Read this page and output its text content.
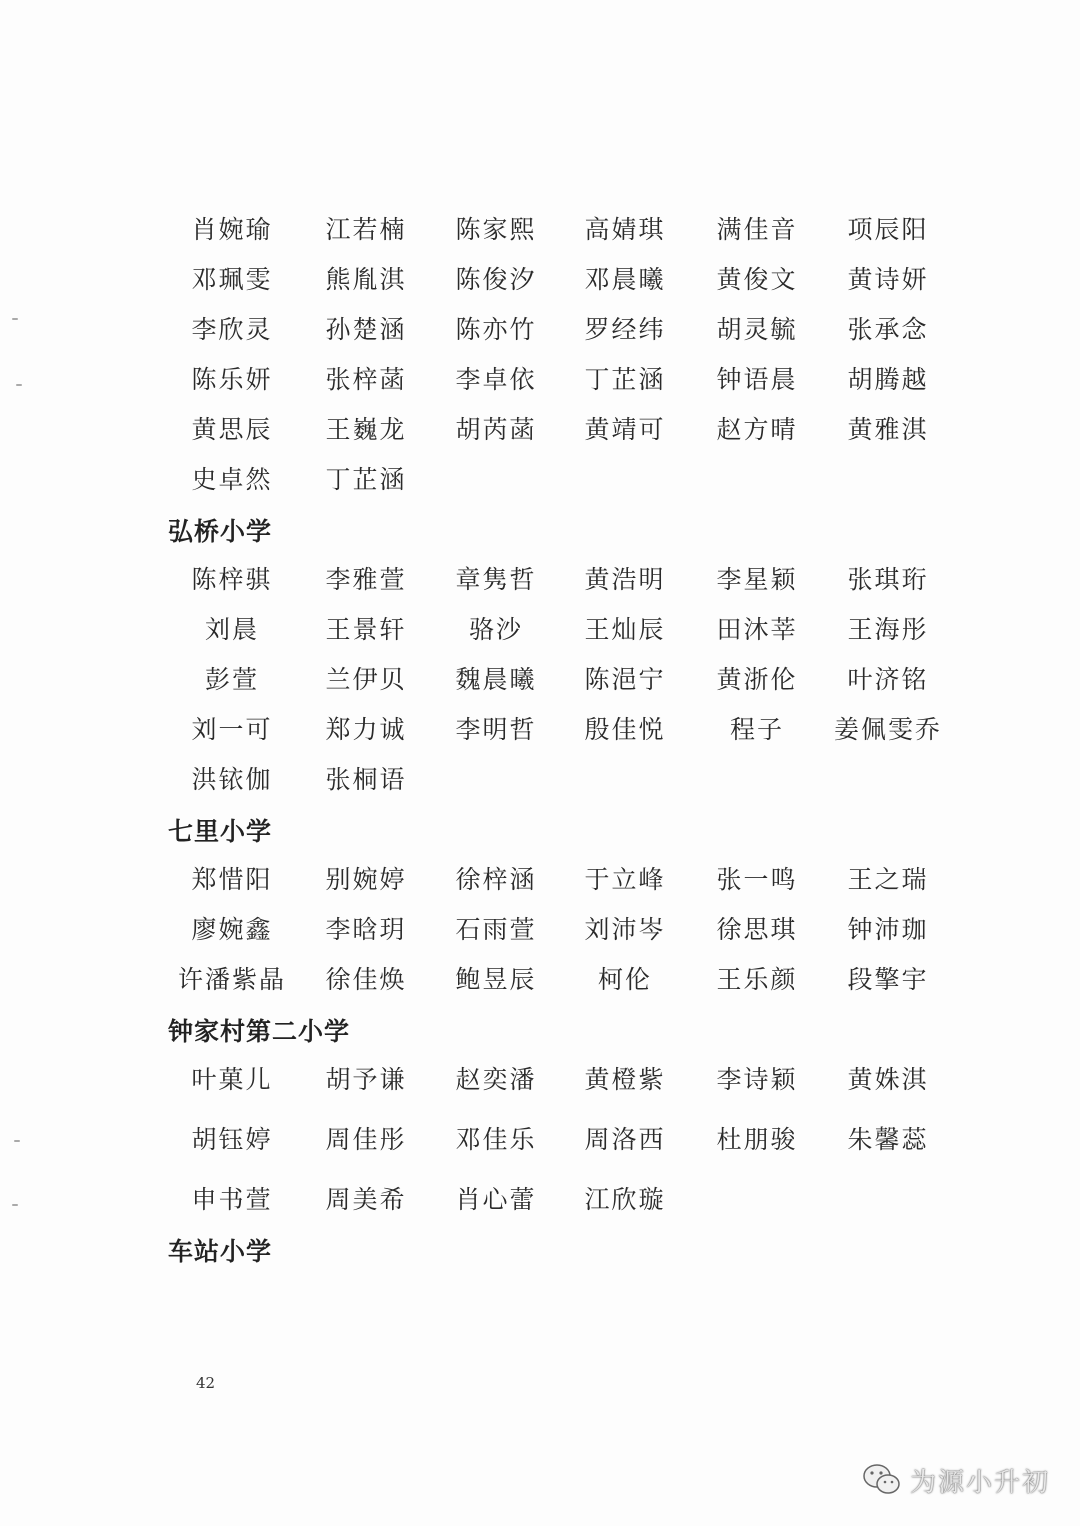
肖婉瑜	江若楠	陈家熙	高婧琪	满佳音	项辰阳
邓珮雯	熊胤淇	陈俊汐	邓晨曦	黄俊文	黄诗妍
李欣灵	孙楚涵	陈亦竹	罗经纬	胡灵毓	张承念
陈乐妍	张梓菡	李卓依	丁芷涵	钟语晨	胡腾越
黄思辰	王巍龙	胡芮菡	黄靖可	赵方晴	黄雅淇
史卓然	丁芷涵
陈梓骐	李雅萱	章隽哲	黄浩明	李星颖	张琪珩
刘晨	王景轩	骆沙	王灿辰	田沐莘	王海彤
彭萱	兰伊贝	魏晨曦	陈浥宁	黄浙伦	叶济铭
刘一可	郑力诚	李明哲	殷佳悦	程子	姜佩雯乔
洪铱伽	张桐语
郑惜阳	别婉婷	徐梓涵	于立峰	张一鸣	王之瑞
廖婉鑫	李晗玥	石雨萱	刘沛岑	徐思琪	钟沛珈
许潘紫晶	徐佳焕	鲍昱辰	柯伦	王乐颜	段擎宇
叶菓儿	胡予谦	赵奕潘	黄橙紫	李诗颖	黄姝淇
胡钰婷	周佳彤	邓佳乐	周洛西	杜朋骏	朱馨蕊
申书萱	周美希	肖心蕾	江欣璇
弘桥小学
七里小学
钟家村第二小学
车站小学
42
为源小升初
